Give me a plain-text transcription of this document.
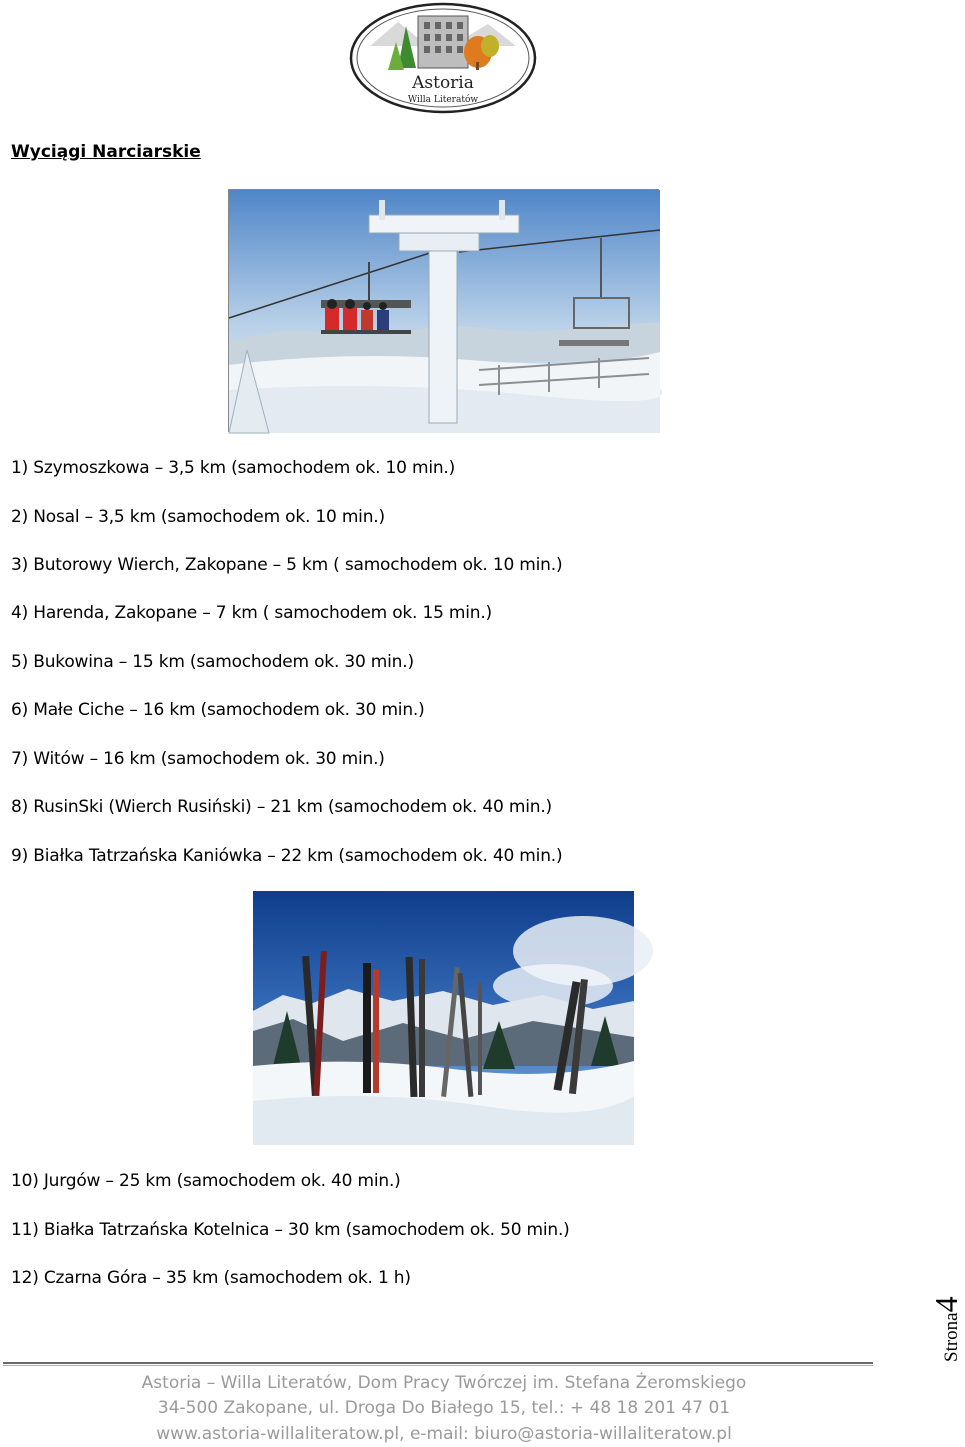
Astoria
Willa Literatów
Wyciągi Narciarskie
1) Szymoszkowa – 3,5 km (samochodem ok. 10 min.)
2) Nosal – 3,5 km (samochodem ok. 10 min.)
3) Butorowy Wierch, Zakopane – 5 km ( samochodem ok. 10 min.)
4) Harenda, Zakopane – 7 km ( samochodem ok. 15 min.)
5) Bukowina – 15 km (samochodem ok. 30 min.)
6) Małe Ciche – 16 km (samochodem ok. 30 min.)
7) Witów – 16 km (samochodem ok. 30 min.)
8) RusinSki (Wierch Rusiński) – 21 km (samochodem ok. 40 min.)
9) Białka Tatrzańska Kaniówka – 22 km (samochodem ok. 40 min.)
10) Jurgów – 25 km (samochodem ok. 40 min.)
11) Białka Tatrzańska Kotelnica – 30 km (samochodem ok. 50 min.)
12) Czarna Góra – 35 km (samochodem ok. 1 h)
Strona4
Astoria – Willa Literatów, Dom Pracy Twórczej im. Stefana Żeromskiego
34-500 Zakopane, ul. Droga Do Białego 15, tel.: + 48 18 201 47 01
www.astoria-willaliteratow.pl, e-mail: biuro@astoria-willaliteratow.pl
